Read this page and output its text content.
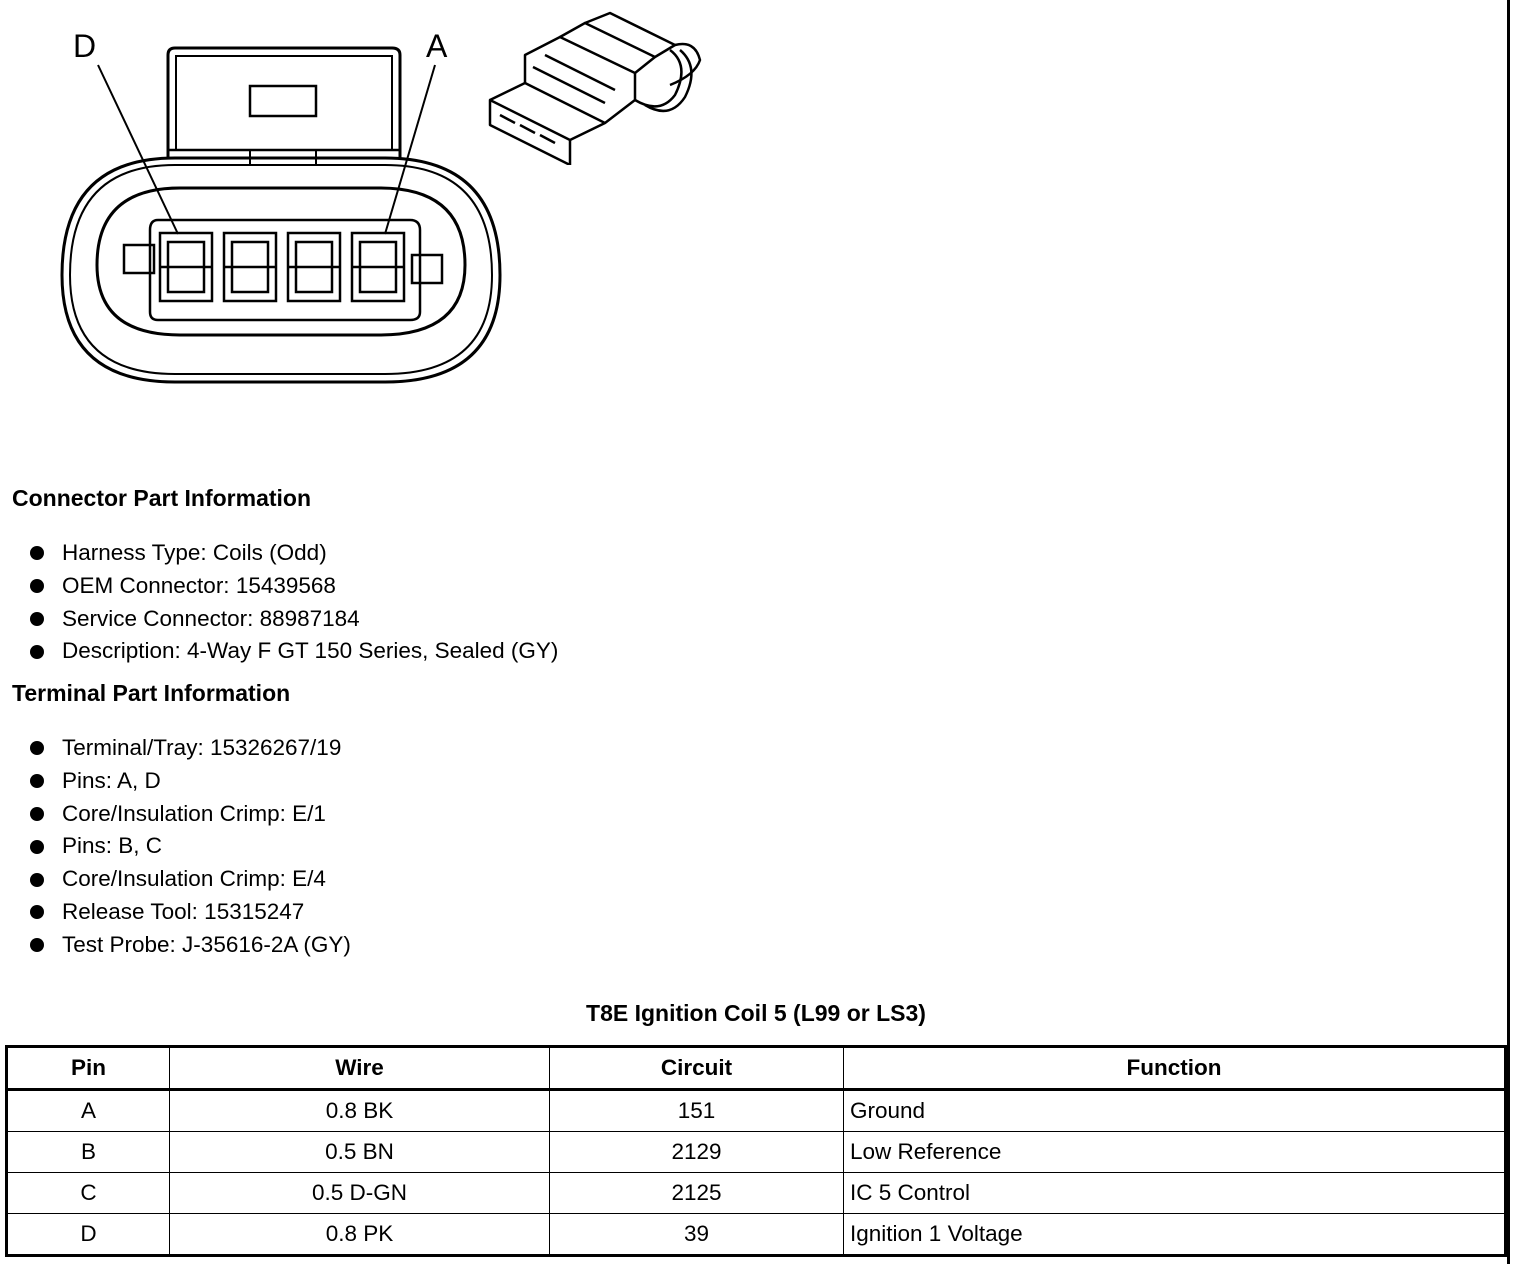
D	A
Connector Part Information
Harness Type: Coils (Odd)
OEM Connector: 15439568
Service Connector: 88987184
Description: 4-Way F GT 150 Series, Sealed (GY)
Terminal Part Information
Terminal/Tray: 15326267/19
Pins: A, D
Core/Insulation Crimp: E/1
Pins: B, C
Core/Insulation Crimp: E/4
Release Tool: 15315247
Test Probe: J-35616-2A (GY)
T8E Ignition Coil 5 (L99 or LS3)
Pin	Wire	Circuit	Function
A	0.8 BK	151	Ground
B	0.5 BN	2129	Low Reference
C	0.5 D-GN	2125	IC 5 Control
D	0.8 PK	39	Ignition 1 Voltage
